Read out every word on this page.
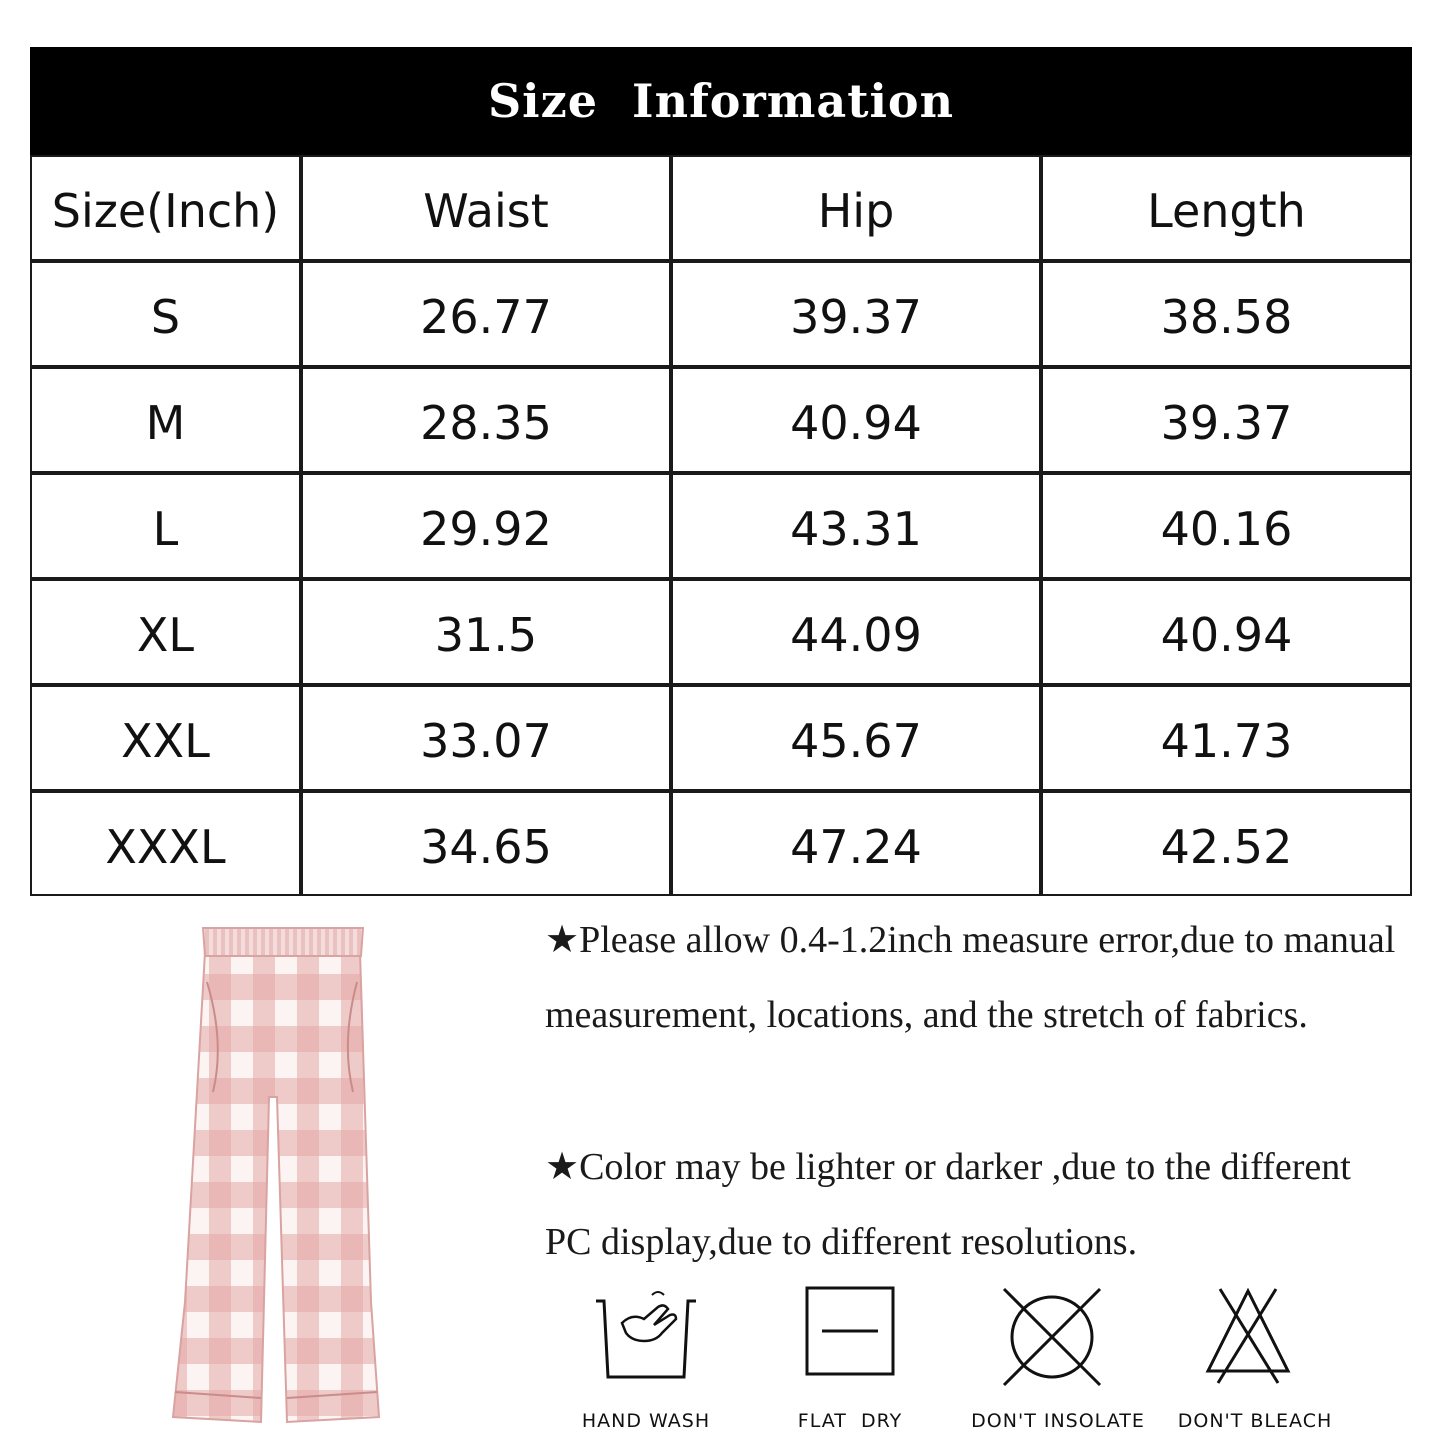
Size  Information
Size(Inch)	Waist	Hip	Length
S	26.77	39.37	38.58
M	28.35	40.94	39.37
L	29.92	43.31	40.16
XL	31.5	44.09	40.94
XXL	33.07	45.67	41.73
XXXL	34.65	47.24	42.52

★Please allow 0.4-1.2inch measure error,due to manual measurement, locations, and the stretch of fabrics.

★Color may be lighter or darker ,due to the different PC display,due to different resolutions.

HAND WASH	FLAT  DRY	DON'T INSOLATE	DON'T BLEACH
